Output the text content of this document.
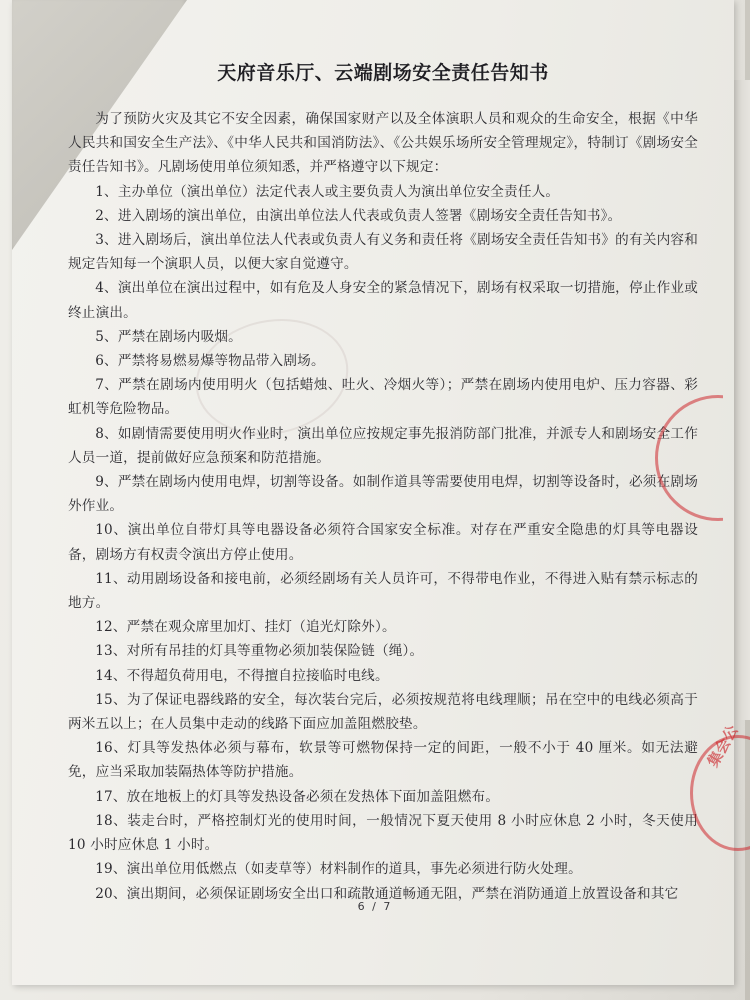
天府音乐厅、云端剧场安全责任告知书

为了预防火灾及其它不安全因素，确保国家财产以及全体演职人员和观众的生命安全，根据《中华人民共和国安全生产法》、《中华人民共和国消防法》、《公共娱乐场所安全管理规定》，特制订《剧场安全责任告知书》。凡剧场使用单位须知悉，并严格遵守以下规定：

1、主办单位（演出单位）法定代表人或主要负责人为演出单位安全责任人。

2、进入剧场的演出单位，由演出单位法人代表或负责人签署《剧场安全责任告知书》。

3、进入剧场后，演出单位法人代表或负责人有义务和责任将《剧场安全责任告知书》的有关内容和规定告知每一个演职人员，以便大家自觉遵守。

4、演出单位在演出过程中，如有危及人身安全的紧急情况下，剧场有权采取一切措施，停止作业或终止演出。

5、严禁在剧场内吸烟。

6、严禁将易燃易爆等物品带入剧场。

7、严禁在剧场内使用明火（包括蜡烛、吐火、冷烟火等）；严禁在剧场内使用电炉、压力容器、彩虹机等危险物品。

8、如剧情需要使用明火作业时，演出单位应按规定事先报消防部门批准，并派专人和剧场安全工作人员一道，提前做好应急预案和防范措施。

9、严禁在剧场内使用电焊，切割等设备。如制作道具等需要使用电焊，切割等设备时，必须在剧场外作业。

10、演出单位自带灯具等电器设备必须符合国家安全标准。对存在严重安全隐患的灯具等电器设备，剧场方有权责令演出方停止使用。

11、动用剧场设备和接电前，必须经剧场有关人员许可，不得带电作业，不得进入贴有禁示标志的地方。

12、严禁在观众席里加灯、挂灯（追光灯除外）。

13、对所有吊挂的灯具等重物必须加装保险链（绳）。

14、不得超负荷用电，不得擅自拉接临时电线。

15、为了保证电器线路的安全，每次装台完后，必须按规范将电线理顺；吊在空中的电线必须高于两米五以上；在人员集中走动的线路下面应加盖阻燃胶垫。

16、灯具等发热体必须与幕布，软景等可燃物保持一定的间距，一般不小于 40 厘米。如无法避免，应当采取加装隔热体等防护措施。

17、放在地板上的灯具等发热设备必须在发热体下面加盖阻燃布。

18、装走台时，严格控制灯光的使用时间，一般情况下夏天使用 8 小时应休息 2 小时，冬天使用 10 小时应休息 1 小时。

19、演出单位用低燃点（如麦草等）材料制作的道具，事先必须进行防火处理。

20、演出期间，必须保证剧场安全出口和疏散通道畅通无阻，严禁在消防通道上放置设备和其它

6 / 7
集会公
